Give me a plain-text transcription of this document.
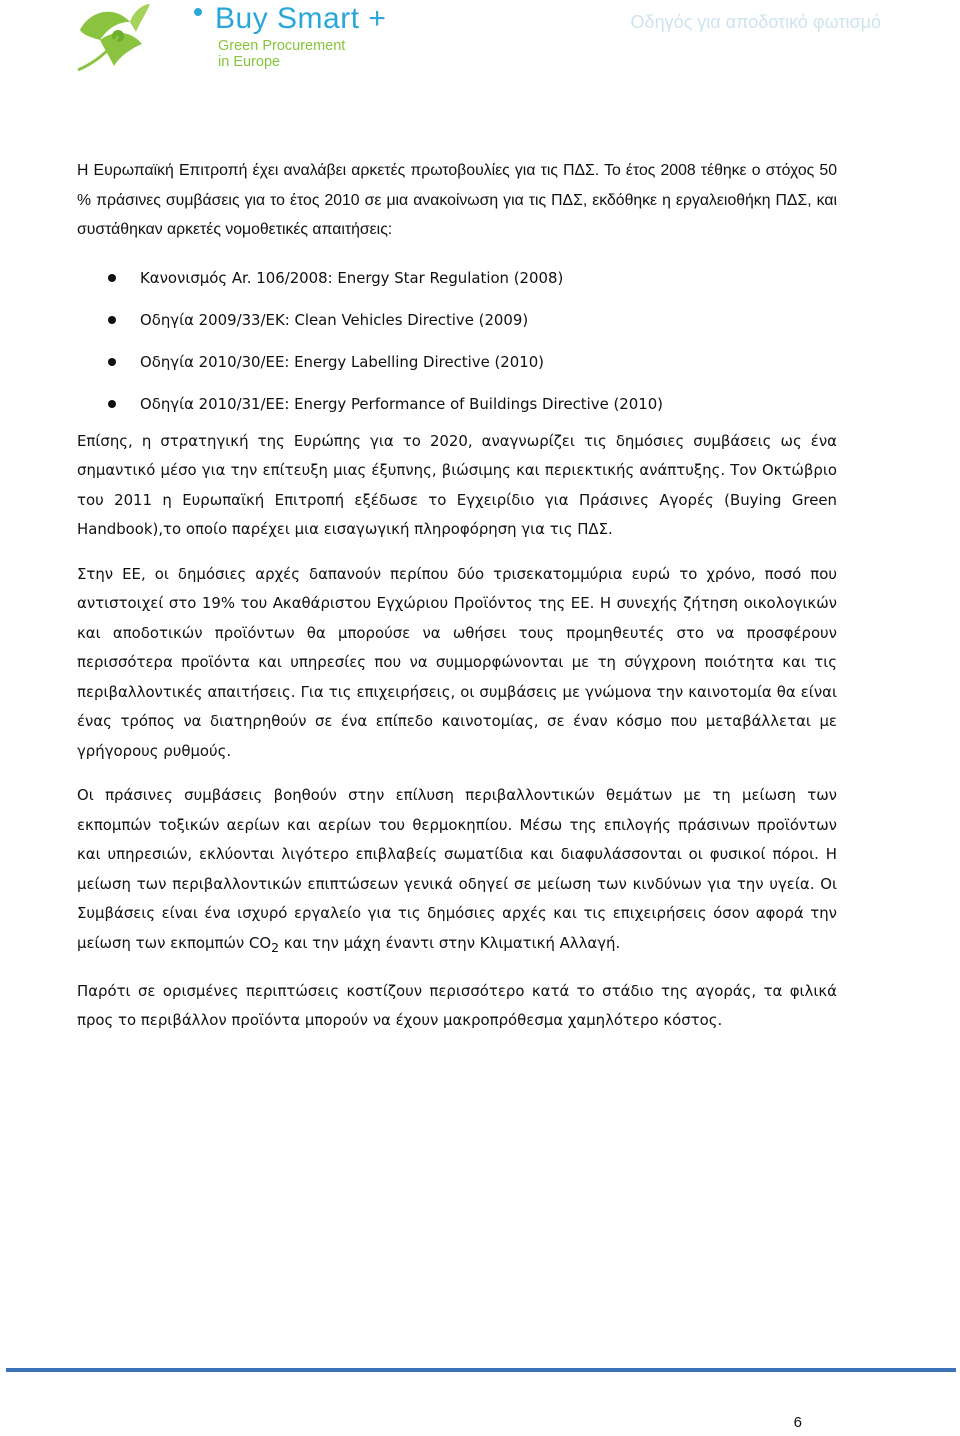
Buy Smart +
Green Procurement
in Europe
Οδηγός για αποδοτικό φωτισμό

Η Ευρωπαϊκή Επιτροπή έχει αναλάβει αρκετές πρωτοβουλίες για τις ΠΔΣ. Το έτος 2008 τέθηκε ο στόχος 50 % πράσινες συμβάσεις για το έτος 2010 σε μια ανακοίνωση για τις ΠΔΣ, εκδόθηκε η εργαλειοθήκη ΠΔΣ, και συστάθηκαν αρκετές νομοθετικές απαιτήσεις:

Κανονισμός Αr. 106/2008: Energy Star Regulation (2008)
Οδηγία 2009/33/ΕΚ: Clean Vehicles Directive (2009)
Οδηγία 2010/30/ΕΕ: Energy Labelling Directive (2010)
Οδηγία 2010/31/ΕΕ: Energy Performance of Buildings Directive (2010)

Επίσης, η στρατηγική της Ευρώπης για το 2020, αναγνωρίζει τις δημόσιες συμβάσεις ως ένα σημαντικό μέσο για την επίτευξη μιας έξυπνης, βιώσιμης και περιεκτικής ανάπτυξης. Τον Οκτώβριο του 2011 η Ευρωπαϊκή Επιτροπή εξέδωσε το Εγχειρίδιο για Πράσινες Αγορές (Buying Green Handbook),το οποίο παρέχει μια εισαγωγική πληροφόρηση για τις ΠΔΣ.

Στην ΕΕ, οι δημόσιες αρχές δαπανούν περίπου δύο τρισεκατομμύρια ευρώ το χρόνο, ποσό που αντιστοιχεί στο 19% του Ακαθάριστου Εγχώριου Προϊόντος της ΕΕ. Η συνεχής ζήτηση οικολογικών και αποδοτικών προϊόντων θα μπορούσε να ωθήσει τους προμηθευτές στο να προσφέρουν περισσότερα προϊόντα και υπηρεσίες που να συμμορφώνονται με τη σύγχρονη ποιότητα και τις περιβαλλοντικές απαιτήσεις. Για τις επιχειρήσεις, οι συμβάσεις με γνώμονα την καινοτομία θα είναι ένας τρόπος να διατηρηθούν σε ένα επίπεδο καινοτομίας, σε έναν κόσμο που μεταβάλλεται με γρήγορους ρυθμούς.

Οι πράσινες συμβάσεις βοηθούν στην επίλυση περιβαλλοντικών θεμάτων με τη μείωση των εκπομπών τοξικών αερίων και αερίων του θερμοκηπίου. Μέσω της επιλογής πράσινων προϊόντων και υπηρεσιών, εκλύονται λιγότερο επιβλαβείς σωματίδια και διαφυλάσσονται οι φυσικοί πόροι. Η μείωση των περιβαλλοντικών επιπτώσεων γενικά οδηγεί σε μείωση των κινδύνων για την υγεία. Οι Συμβάσεις είναι ένα ισχυρό εργαλείο για τις δημόσιες αρχές και τις επιχειρήσεις όσον αφορά την μείωση των εκπομπών $CO_2$ και την μάχη έναντι στην Κλιματική Αλλαγή.

Παρότι σε ορισμένες περιπτώσεις κοστίζουν περισσότερο κατά το στάδιο της αγοράς, τα φιλικά προς το περιβάλλον προϊόντα μπορούν να έχουν μακροπρόθεσμα χαμηλότερο κόστος.

6
